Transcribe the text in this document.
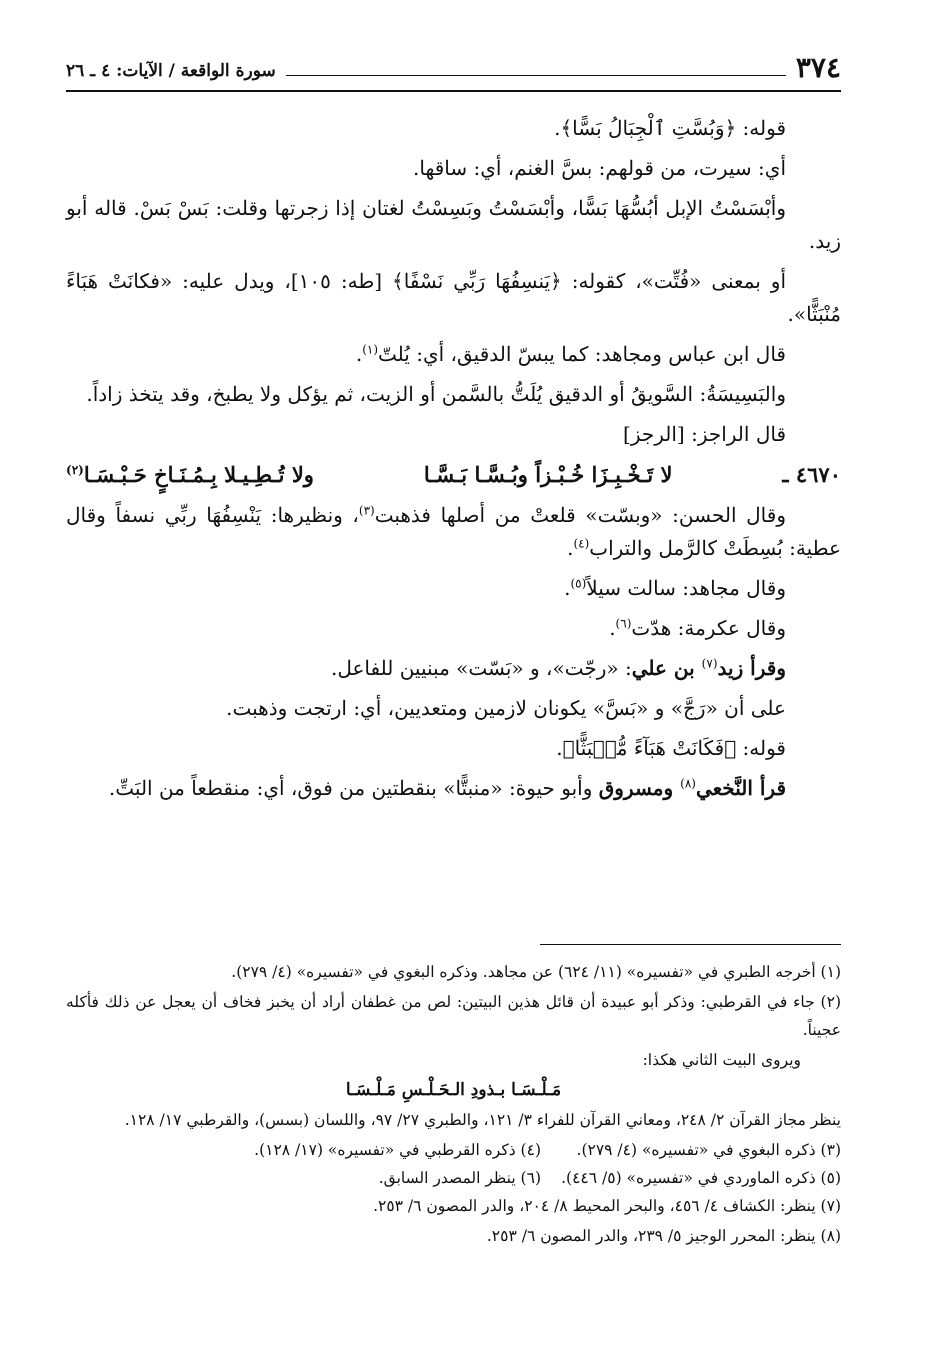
٣٧٤
سورة الواقعة / الآيات: ٤ ـ ٢٦

قوله: ﴿وَبُسَّتِ ٱلْجِبَالُ بَسًّا﴾.

أي: سيرت، من قولهم: بسَّ الغنم، أي: ساقها.

وأبْسَسْتُ الإبل أبُسُّهَا بَسًّا، وأبْسَسْتُ وبَسِسْتُ لغتان إذا زجرتها وقلت: بَسْ بَسْ. قاله أبو زيد.

أو بمعنى «فُتِّت»، كقوله: ﴿يَنسِفُهَا رَبِّي نَسْفًا﴾ [طه: ١٠٥]، ويدل عليه: «فكانَتْ هَبَاءً مُنْبَثًّا».

قال ابن عباس ومجاهد: كما يبسّ الدقيق، أي: يُلتّ$^{(١)}$.

والبَسِيسَةُ: السَّويقُ أو الدقيق يُلَتُّ بالسَّمن أو الزيت، ثم يؤكل ولا يطبخ، وقد يتخذ زاداً.

قال الراجز: [الرجز]

٤٦٧٠ ـ
لا تَـخْـبِـزَا خُـبْـزاً وبُـسَّـا بَـسَّـا
ولا تُـطِـيـلا بِـمُـنَـاخٍ حَـبْـسَـا$^{(٢)}$

وقال الحسن: «وبسّت» قلعتْ من أصلها فذهبت$^{(٣)}$، ونظيرها: يَنْسِفُهَا ربِّي نسفاً وقال عطية: بُسِطَتْ كالرَّمل والتراب$^{(٤)}$.

وقال مجاهد: سالت سيلاً$^{(٥)}$.

وقال عكرمة: هدّت$^{(٦)}$.

وقرأ زيد$^{(٧)}$ بن علي: «رجّت»، و «بَسّت» مبنيين للفاعل.

على أن «رَجَّ» و «بَسَّ» يكونان لازمين ومتعديين، أي: ارتجت وذهبت.

قوله: ﴿فَكَانَتْ هَبَآءً مُّنۢبَثًّا﴾.

قرأ النَّخعي$^{(٨)}$ ومسروق وأبو حيوة: «منبتًّا» بنقطتين من فوق، أي: منقطعاً من البَتِّ.

(١) أخرجه الطبري في «تفسيره» (١١/ ٦٢٤) عن مجاهد. وذكره البغوي في «تفسيره» (٤/ ٢٧٩).

(٢) جاء في القرطبي: وذكر أبو عبيدة أن قائل هذين البيتين: لص من غطفان أراد أن يخبز فخاف أن يعجل عن ذلك فأكله عجيناً.

ويروى البيت الثاني هكذا:

مَـلْـسَـا بـذودِ الـحَـلْـسِ مَـلْـسَـا

ينظر مجاز القرآن ٢/ ٢٤٨، ومعاني القرآن للفراء ٣/ ١٢١، والطبري ٢٧/ ٩٧، واللسان (بسس)، والقرطبي ١٧/ ١٢٨.

(٣) ذكره البغوي في «تفسيره» (٤/ ٢٧٩).
(٤) ذكره القرطبي في «تفسيره» (١٧/ ١٢٨).
(٥) ذكره الماوردي في «تفسيره» (٥/ ٤٤٦).
(٦) ينظر المصدر السابق.

(٧) ينظر: الكشاف ٤/ ٤٥٦، والبحر المحيط ٨/ ٢٠٤، والدر المصون ٦/ ٢٥٣.

(٨) ينظر: المحرر الوجيز ٥/ ٢٣٩، والدر المصون ٦/ ٢٥٣.
